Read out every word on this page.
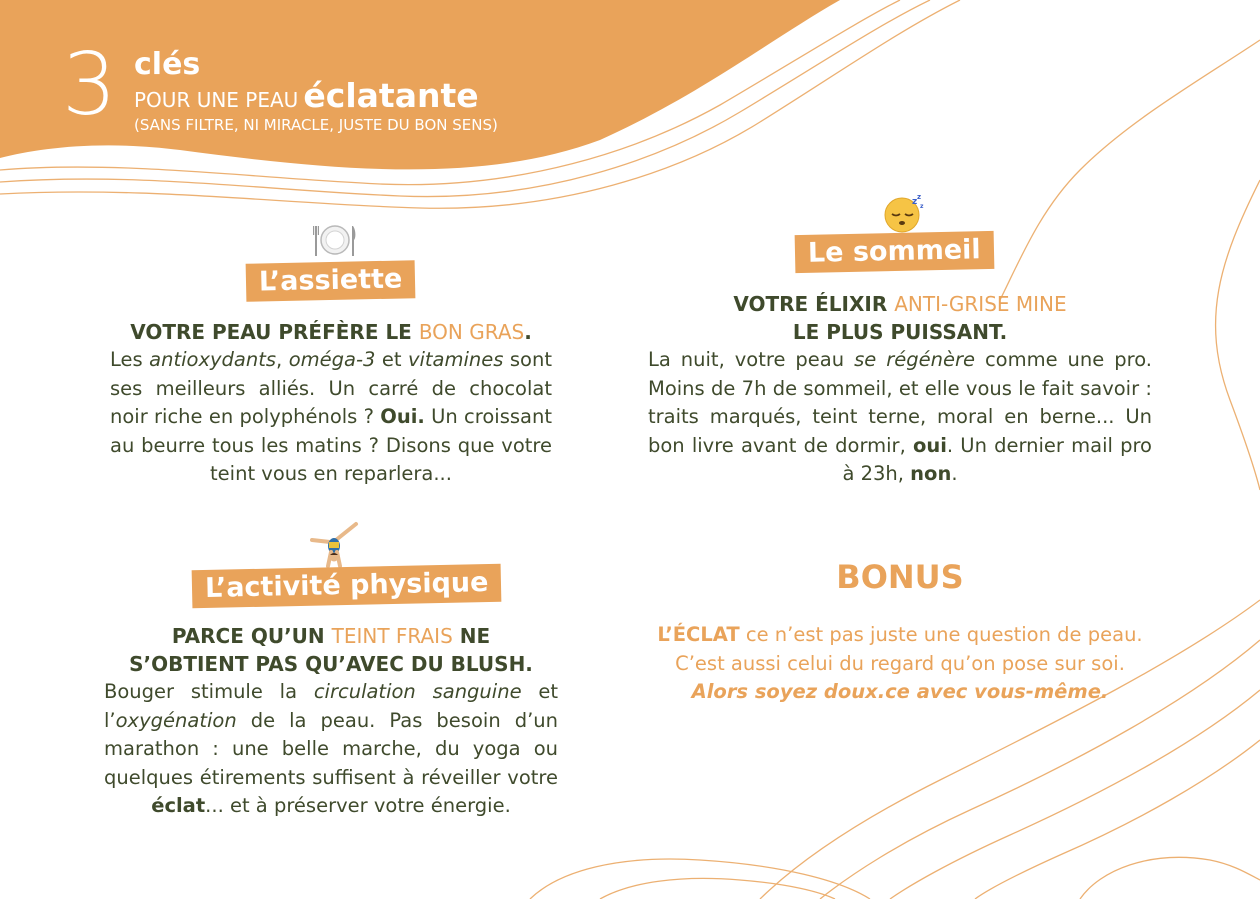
3 clés
POUR UNE PEAU éclatante
(SANS FILTRE, NI MIRACLE, JUSTE DU BON SENS)
L’assiette
VOTRE PEAU PRÉFÈRE LE BON GRAS.

Les antioxydants, oméga-3 et vitamines sont ses meilleurs alliés. Un carré de chocolat noir riche en polyphénols ? Oui. Un croissant au beurre tous les matins ? Disons que votre teint vous en reparlera...

z z
z
Le sommeil
VOTRE ÉLIXIR ANTI-GRISE MINE
LE PLUS PUISSANT.

La nuit, votre peau se régénère comme une pro. Moins de 7h de sommeil, et elle vous le fait savoir : traits marqués, teint terne, moral en berne... Un bon livre avant de dormir, oui. Un dernier mail pro à 23h, non.

L’activité physique
PARCE QU’UN TEINT FRAIS NE
S’OBTIENT PAS QU’AVEC DU BLUSH.

Bouger stimule la circulation sanguine et l’oxygénation de la peau. Pas besoin d’un marathon : une belle marche, du yoga ou quelques étirements suffisent à réveiller votre éclat... et à préserver votre énergie.

BONUS
L’ÉCLAT ce n’est pas juste une question de peau.
C’est aussi celui du regard qu’on pose sur soi.
Alors soyez doux.ce avec vous-même.
